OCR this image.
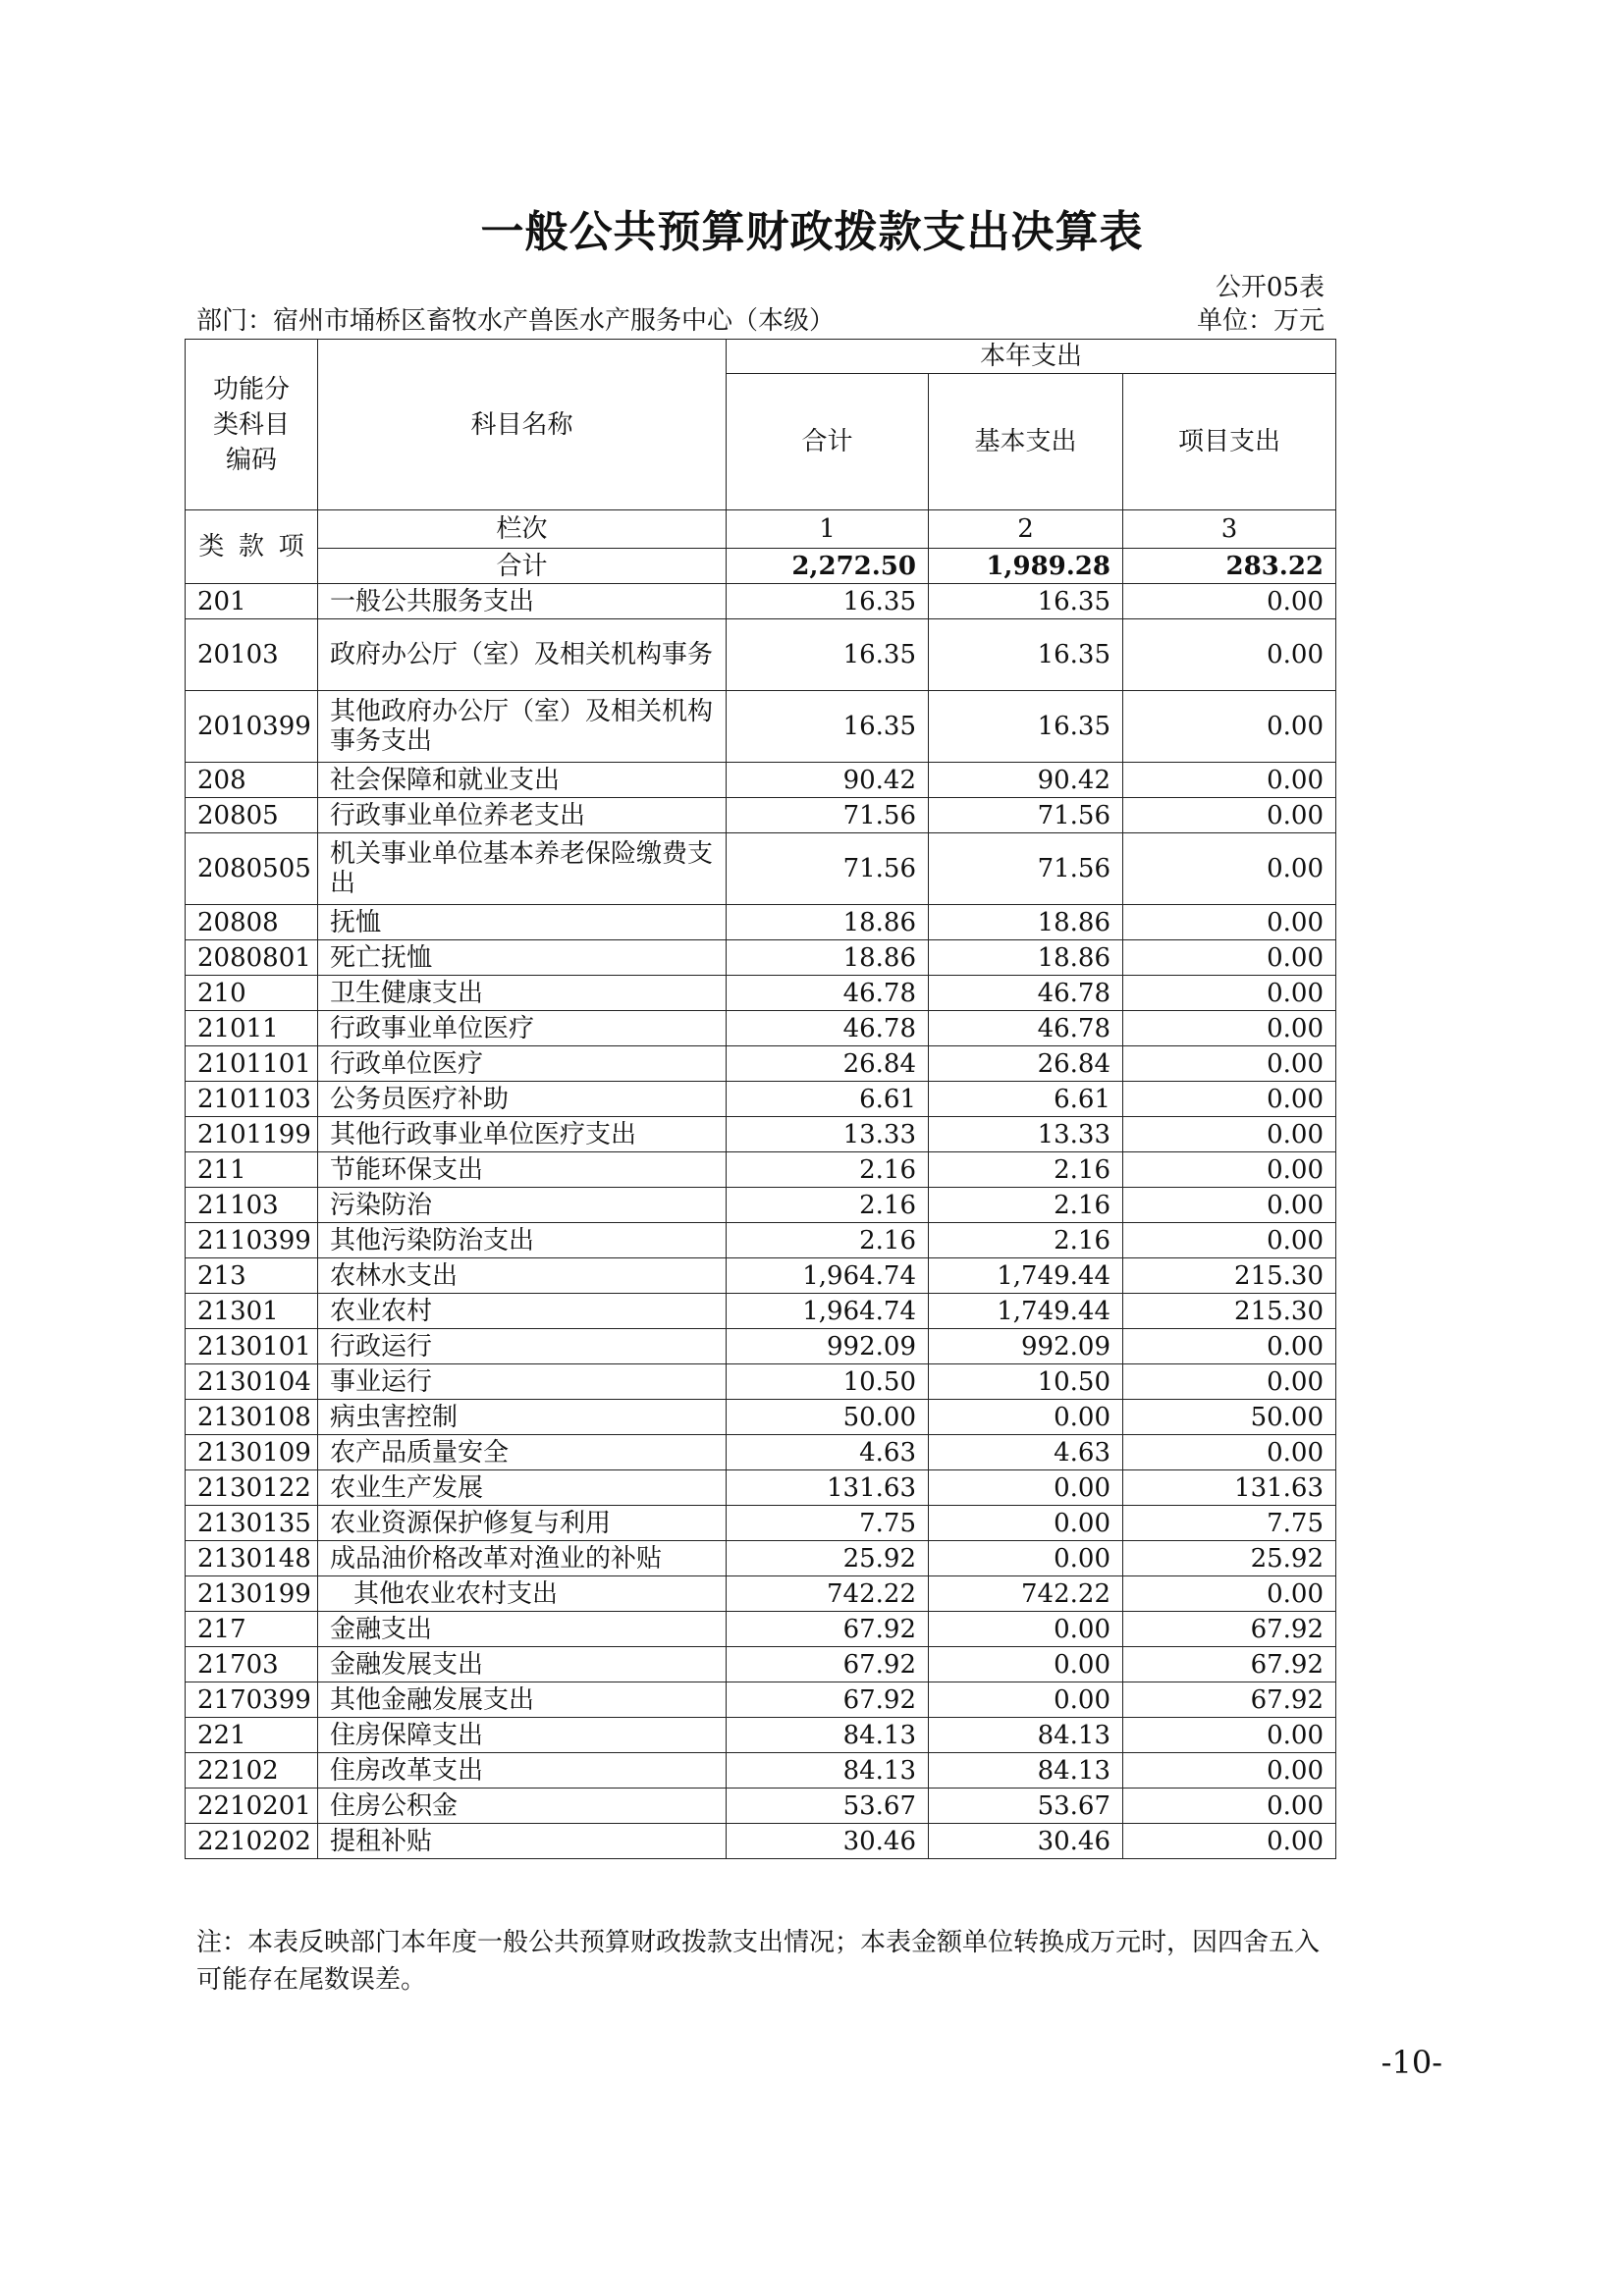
一般公共预算财政拨款支出决算表
公开05表
部门：宿州市埇桥区畜牧水产兽医水产服务中心（本级）	单位：万元
功能分类科目编码	科目名称	本年支出		
		合计	基本支出	项目支出

类 款 项	栏次	1	2	3
	合计	2,272.50	1,989.28	283.22
201	一般公共服务支出	16.35	16.35	0.00
20103	政府办公厅（室）及相关机构事务	16.35	16.35	0.00
2010399	其他政府办公厅（室）及相关机构事务支出	16.35	16.35	0.00
208	社会保障和就业支出	90.42	90.42	0.00
20805	行政事业单位养老支出	71.56	71.56	0.00
2080505	机关事业单位基本养老保险缴费支出	71.56	71.56	0.00
20808	抚恤	18.86	18.86	0.00
2080801	死亡抚恤	18.86	18.86	0.00
210	卫生健康支出	46.78	46.78	0.00
21011	行政事业单位医疗	46.78	46.78	0.00
2101101	行政单位医疗	26.84	26.84	0.00
2101103	公务员医疗补助	6.61	6.61	0.00
2101199	其他行政事业单位医疗支出	13.33	13.33	0.00
211	节能环保支出	2.16	2.16	0.00
21103	污染防治	2.16	2.16	0.00
2110399	其他污染防治支出	2.16	2.16	0.00
213	农林水支出	1,964.74	1,749.44	215.30
21301	农业农村	1,964.74	1,749.44	215.30
2130101	行政运行	992.09	992.09	0.00
2130104	事业运行	10.50	10.50	0.00
2130108	病虫害控制	50.00	0.00	50.00
2130109	农产品质量安全	4.63	4.63	0.00
2130122	农业生产发展	131.63	0.00	131.63
2130135	农业资源保护修复与利用	7.75	0.00	7.75
2130148	成品油价格改革对渔业的补贴	25.92	0.00	25.92
2130199	其他农业农村支出	742.22	742.22	0.00
217	金融支出	67.92	0.00	67.92
21703	金融发展支出	67.92	0.00	67.92
2170399	其他金融发展支出	67.92	0.00	67.92
221	住房保障支出	84.13	84.13	0.00
22102	住房改革支出	84.13	84.13	0.00
2210201	住房公积金	53.67	53.67	0.00
2210202	提租补贴	30.46	30.46	0.00
注：本表反映部门本年度一般公共预算财政拨款支出情况；本表金额单位转换成万元时，因四舍五入可能存在尾数误差。
-10-
